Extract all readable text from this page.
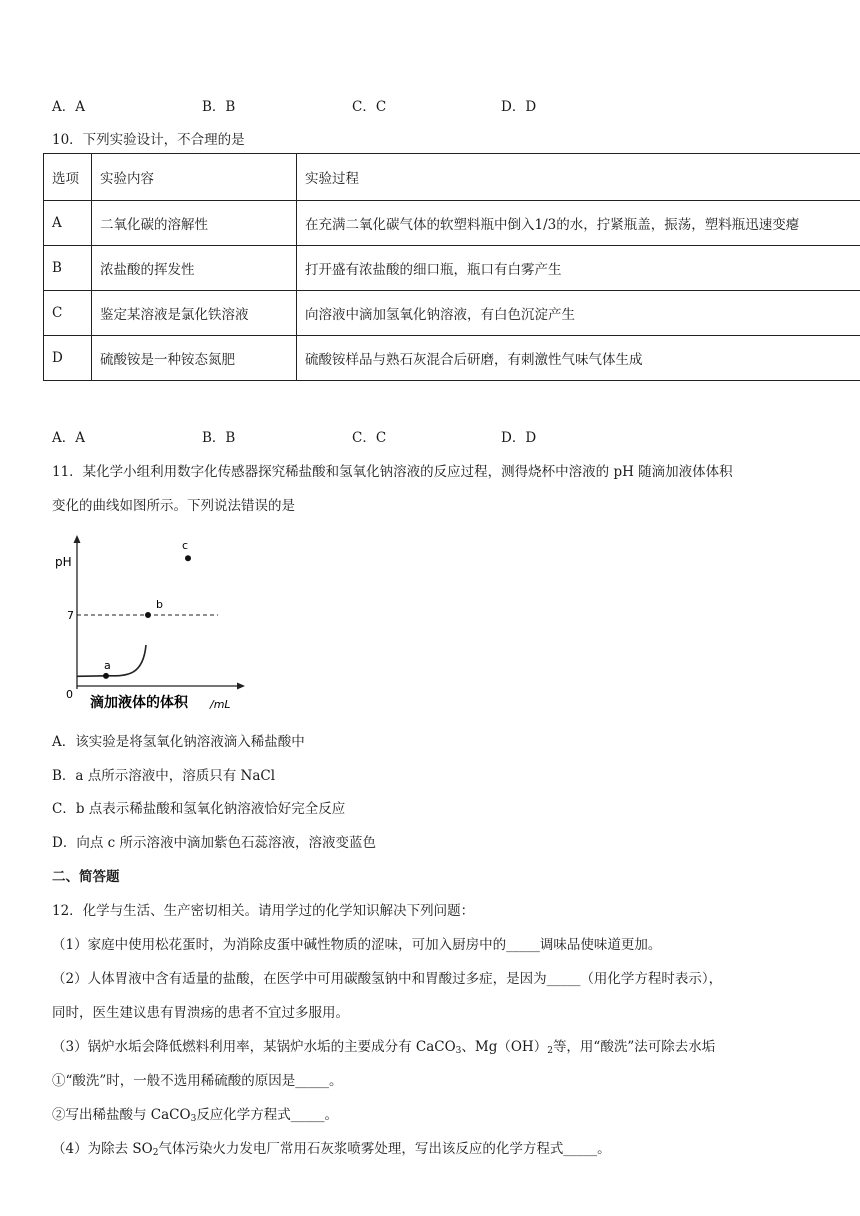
A．A	B．B	C．C	D．D
10．下列实验设计，不合理的是
选项	实验内容	实验过程
A	二氧化碳的溶解性	在充满二氧化碳气体的软塑料瓶中倒入1/3的水，拧紧瓶盖，振荡，塑料瓶迅速变瘪
B	浓盐酸的挥发性	打开盛有浓盐酸的细口瓶，瓶口有白雾产生
C	鉴定某溶液是氯化铁溶液	向溶液中滴加氢氧化钠溶液，有白色沉淀产生
D	硫酸铵是一种铵态氮肥	硫酸铵样品与熟石灰混合后研磨，有刺激性气味气体生成
A．A	B．B	C．C	D．D
11．某化学小组利用数字化传感器探究稀盐酸和氢氧化钠溶液的反应过程，测得烧杯中溶液的 pH 随滴加液体体积
变化的曲线如图所示。下列说法错误的是
pH
7
0
滴加液体的体积 /mL
a
b
c
A．该实验是将氢氧化钠溶液滴入稀盐酸中
B．a 点所示溶液中，溶质只有 NaCl
C．b 点表示稀盐酸和氢氧化钠溶液恰好完全反应
D．向点 c 所示溶液中滴加紫色石蕊溶液，溶液变蓝色
二、简答题
12．化学与生活、生产密切相关。请用学过的化学知识解决下列问题：
（1）家庭中使用松花蛋时，为消除皮蛋中碱性物质的涩味，可加入厨房中的_____调味品使味道更加。
（2）人体胃液中含有适量的盐酸，在医学中可用碳酸氢钠中和胃酸过多症，是因为_____（用化学方程时表示），
同时，医生建议患有胃溃疡的患者不宜过多服用。
（3）锅炉水垢会降低燃料利用率，某锅炉水垢的主要成分有 CaCO$_3$、$Mg(OH)_2$等，用“酸洗”法可除去水垢
①“酸洗”时，一般不选用稀硫酸的原因是_____。
②写出稀盐酸与 CaCO$_3$反应化学方程式_____。
（4）为除去 $SO_2$气体污染火力发电厂常用石灰浆喷雾处理，写出该反应的化学方程式_____。
